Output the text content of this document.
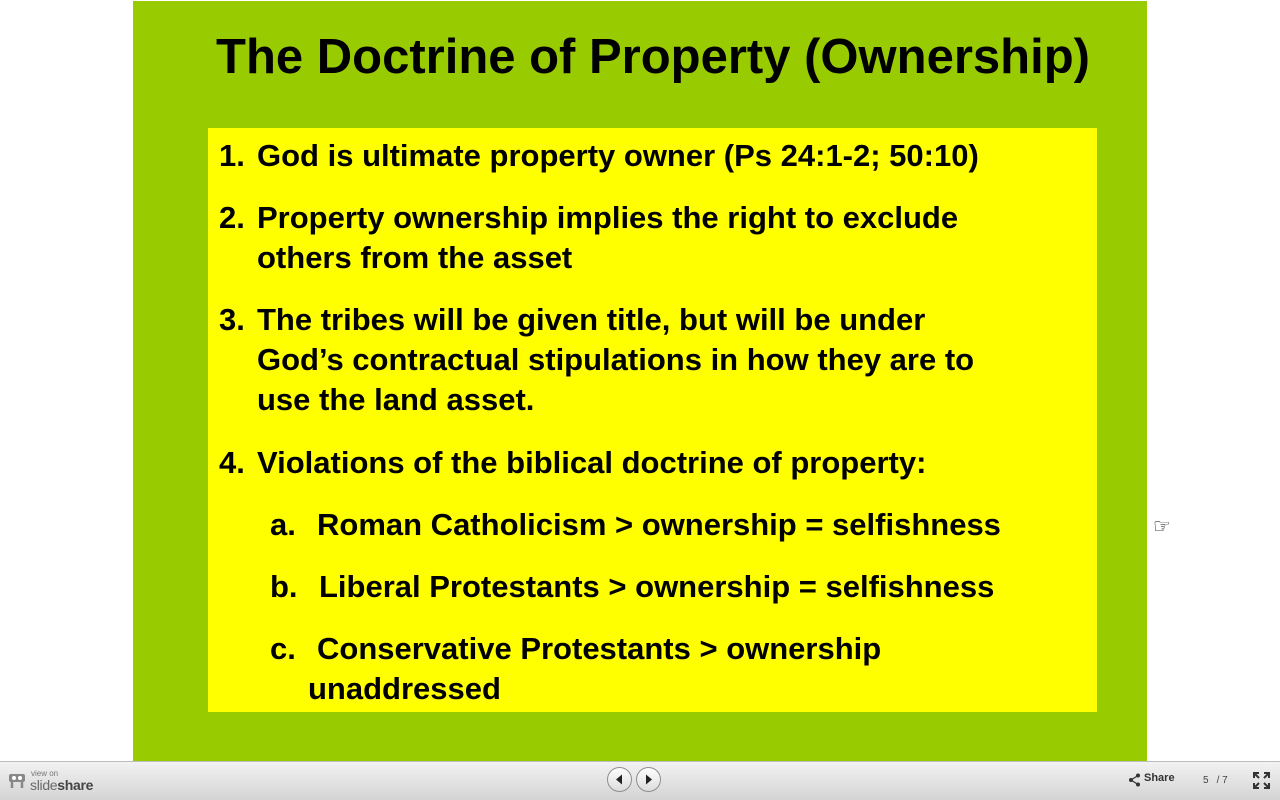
The Doctrine of Property (Ownership)
1. God is ultimate property owner (Ps 24:1-2; 50:10)
2. Property ownership implies the right to exclude
others from the asset
3. The tribes will be given title, but will be under
God’s contractual stipulations in how they are to
use the land asset.
4. Violations of the biblical doctrine of property:
a. Roman Catholicism > ownership = selfishness
b. Liberal Protestants > ownership = selfishness
c. Conservative Protestants > ownership
unaddressed
☞
view on
slideshare	Share	5 / 7
